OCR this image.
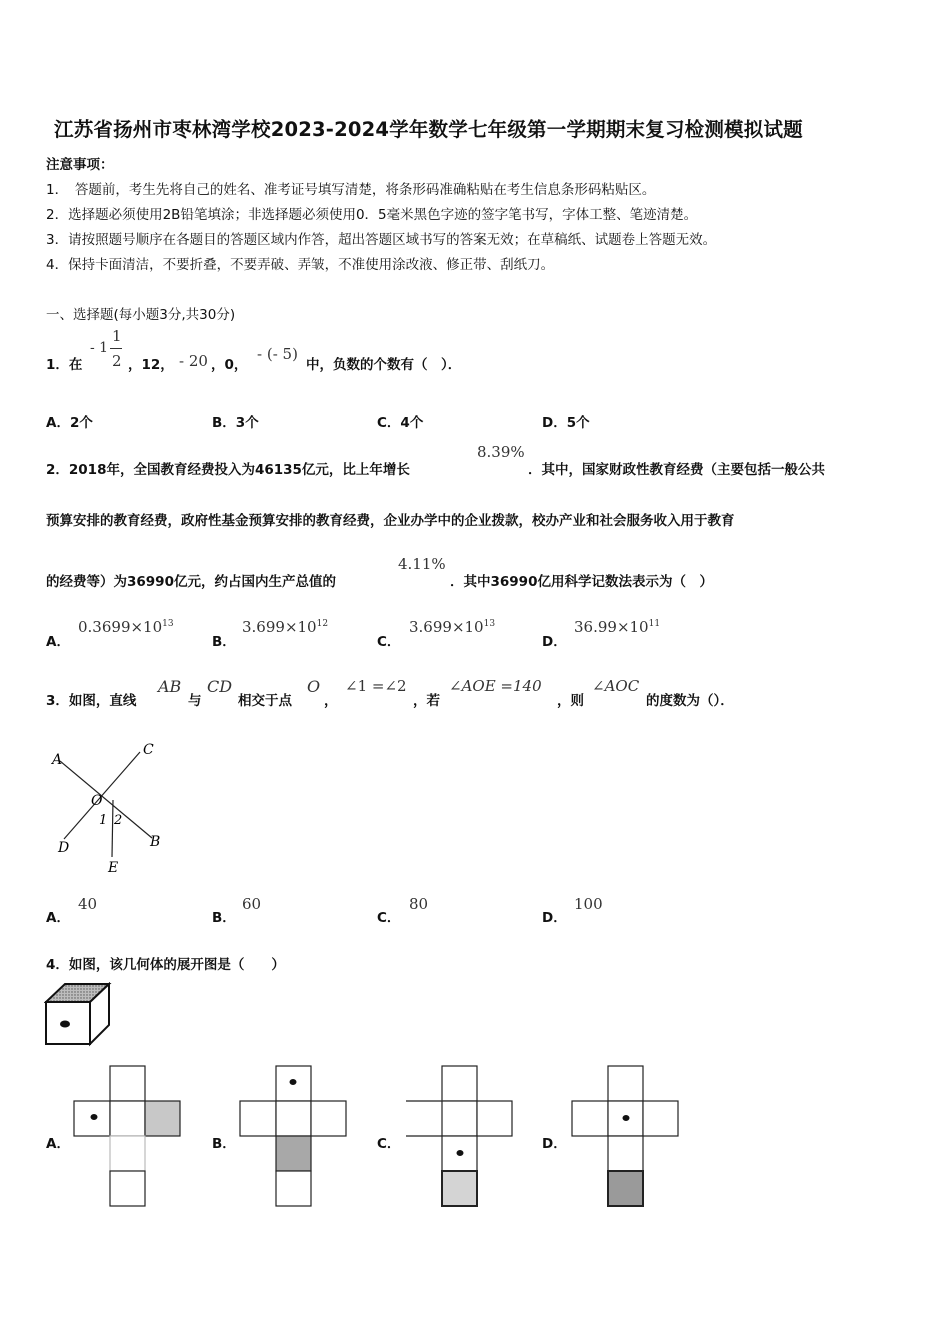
江苏省扬州市枣林湾学校2023-2024学年数学七年级第一学期期末复习检测模拟试题
注意事项：
1．　答题前，考生先将自己的姓名、准考证号填写清楚，将条形码准确粘贴在考生信息条形码粘贴区。
2．选择题必须使用2B铅笔填涂；非选择题必须使用0．5毫米黑色字迹的签字笔书写，字体工整、笔迹清楚。
3．请按照题号顺序在各题目的答题区域内作答，超出答题区域书写的答案无效；在草稿纸、试题卷上答题无效。
4．保持卡面清洁，不要折叠，不要弄破、弄皱，不准使用涂改液、修正带、刮纸刀。
一、选择题(每小题3分,共30分)
1．在
- 1
1
2 ，12， - 20 ，0，
- (- 5)
中，负数的个数有（　）．
A．2个	B．3个	C．4个	D．5个
2．2018年，全国教育经费投入为46135亿元，比上年增长
8.39%
．其中，国家财政性教育经费（主要包括一般公共
预算安排的教育经费，政府性基金预算安排的教育经费，企业办学中的企业拨款，校办产业和社会服务收入用于教育
的经费等）为36990亿元，约占国内生产总值的
4.11%
．其中36990亿用科学记数法表示为（　）
A．
$0.3699\times 10^{13}$
B．
$3.699\times 10^{12}$
C．
$3.699\times 10^{13}$
D．
$36.99\times 10^{11}$
3．如图，直线
AB
与
CD
相交于点
O
，
∠1 =∠2
，若
∠AOE =140
，则
∠AOC
的度数为（）．
A
C
O
1 2
B
D
E
A．
40
B．
60
C．
80
D．
100
4．如图，该几何体的展开图是（　　）
A．	B．	C．	D．
